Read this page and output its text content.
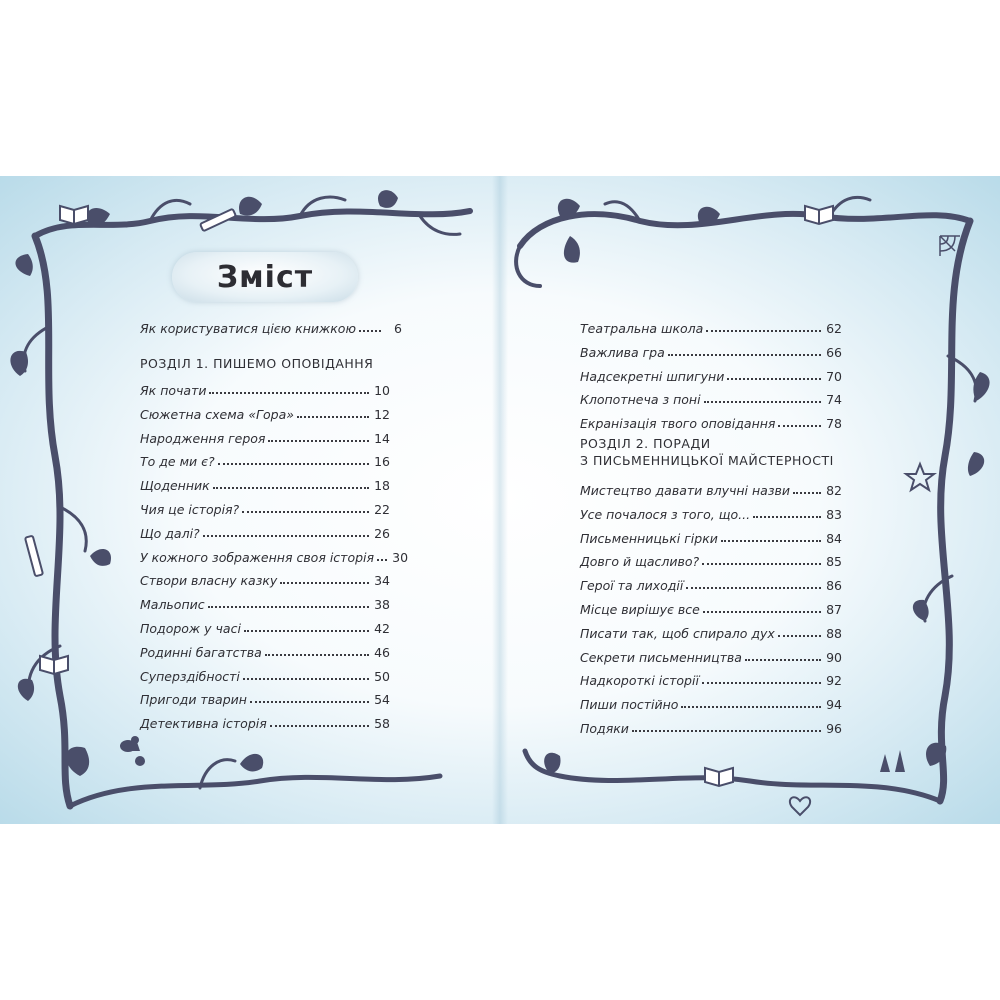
Зміст
Як користуватися цією книжкою	6
РОЗДІЛ 1. ПИШЕМО ОПОВІДАННЯ
Як почати	10
Сюжетна схема «Гора»	12
Народження героя	14
То де ми є?	16
Щоденник	18
Чия це історія?	22
Що далі?	26
У кожного зображення своя історія 30
Створи власну казку	34
Мальопис	38
Подорож у часі	42
Родинні багатства	46
Суперздібності	50
Пригоди тварин	54
Детективна історія	58
Театральна школа	62
Важлива гра	66
Надсекретні шпигуни	70
Клопотнеча з поні	74
Екранізація твого оповідання	78
РОЗДІЛ 2. ПОРАДИ
З ПИСЬМЕННИЦЬКОЇ МАЙСТЕРНОСТІ
Мистецтво давати влучні назви	82
Усе почалося з того, що...	83
Письменницькі гірки	84
Довго й щасливо?	85
Герої та лиходії	86
Місце вирішує все	87
Писати так, щоб спирало дух	88
Секрети письменництва	90
Надкороткі історії	92
Пиши постійно	94
Подяки	96
